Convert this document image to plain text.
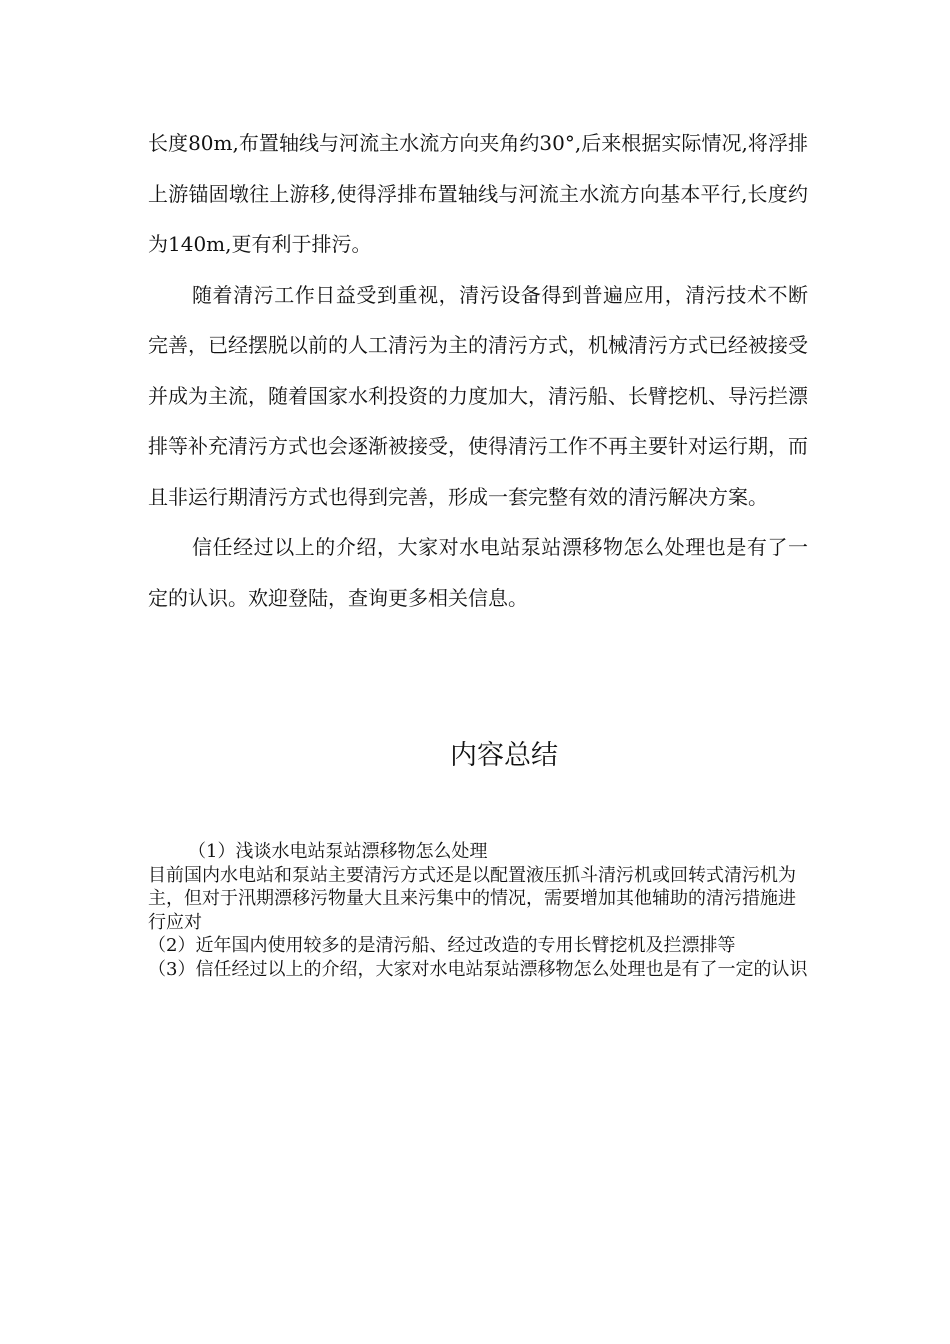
长度80m,布置轴线与河流主水流方向夹角约30°,后来根据实际情况,将浮排上游锚固墩往上游移,使得浮排布置轴线与河流主水流方向基本平行,长度约为140m,更有利于排污。

随着清污工作日益受到重视，清污设备得到普遍应用，清污技术不断完善，已经摆脱以前的人工清污为主的清污方式，机械清污方式已经被接受并成为主流，随着国家水利投资的力度加大，清污船、长臂挖机、导污拦漂排等补充清污方式也会逐渐被接受，使得清污工作不再主要针对运行期，而且非运行期清污方式也得到完善，形成一套完整有效的清污解决方案。

信任经过以上的介绍，大家对水电站泵站漂移物怎么处理也是有了一定的认识。欢迎登陆，查询更多相关信息。

内容总结

（1）浅谈水电站泵站漂移物怎么处理

目前国内水电站和泵站主要清污方式还是以配置液压抓斗清污机或回转式清污机为主，但对于汛期漂移污物量大且来污集中的情况，需要增加其他辅助的清污措施进行应对

（2）近年国内使用较多的是清污船、经过改造的专用长臂挖机及拦漂排等

（3）信任经过以上的介绍，大家对水电站泵站漂移物怎么处理也是有了一定的认识
